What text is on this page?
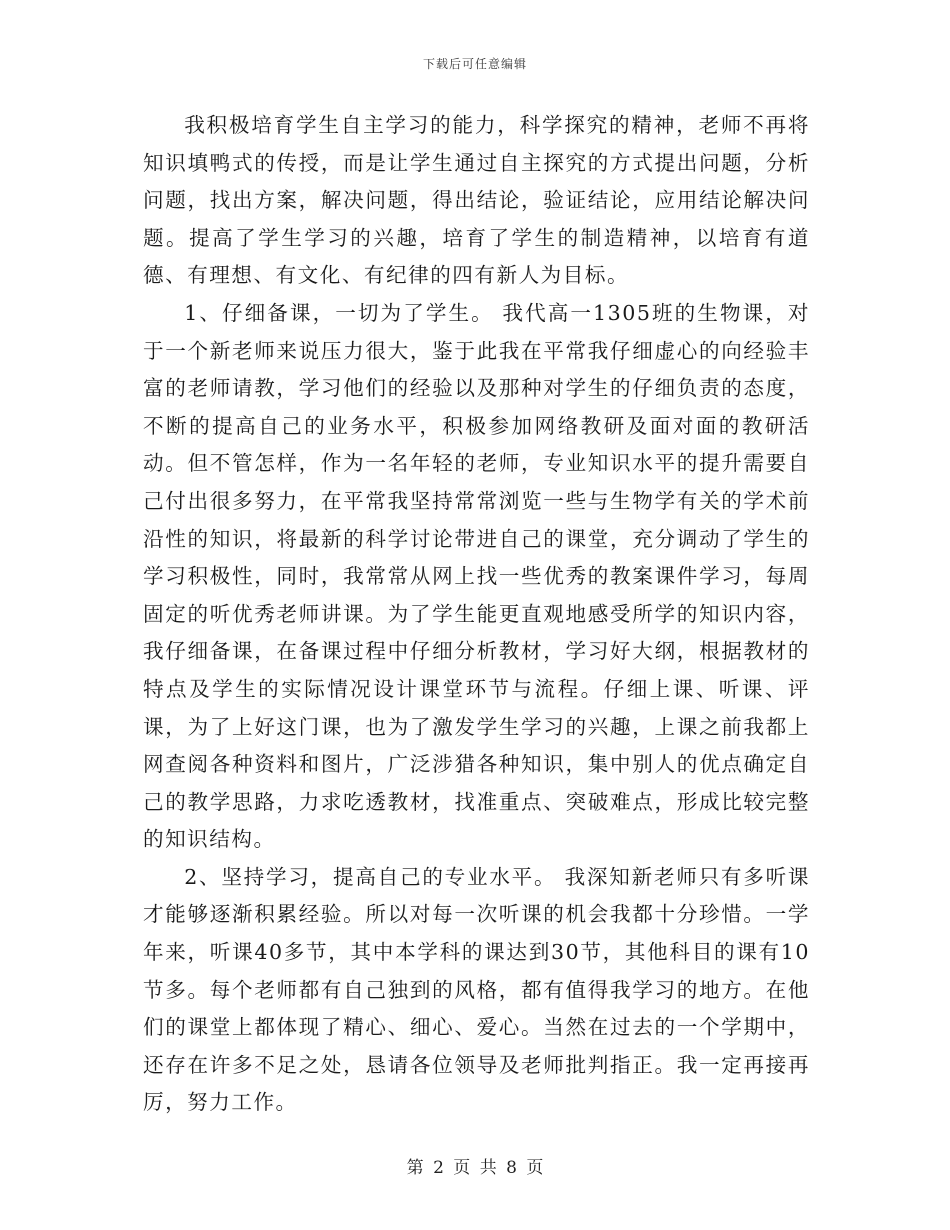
下载后可任意编辑

我积极培育学生自主学习的能力，科学探究的精神，老师不再将知识填鸭式的传授，而是让学生通过自主探究的方式提出问题，分析问题，找出方案，解决问题，得出结论，验证结论，应用结论解决问题。提高了学生学习的兴趣，培育了学生的制造精神，以培育有道德、有理想、有文化、有纪律的四有新人为目标。

1、仔细备课，一切为了学生。 我代高一1305班的生物课，对于一个新老师来说压力很大，鉴于此我在平常我仔细虚心的向经验丰富的老师请教，学习他们的经验以及那种对学生的仔细负责的态度，不断的提高自己的业务水平，积极参加网络教研及面对面的教研活动。但不管怎样，作为一名年轻的老师，专业知识水平的提升需要自己付出很多努力，在平常我坚持常常浏览一些与生物学有关的学术前沿性的知识，将最新的科学讨论带进自己的课堂，充分调动了学生的学习积极性，同时，我常常从网上找一些优秀的教案课件学习，每周固定的听优秀老师讲课。为了学生能更直观地感受所学的知识内容，我仔细备课，在备课过程中仔细分析教材，学习好大纲，根据教材的特点及学生的实际情况设计课堂环节与流程。仔细上课、听课、评课，为了上好这门课，也为了激发学生学习的兴趣，上课之前我都上网查阅各种资料和图片，广泛涉猎各种知识，集中别人的优点确定自己的教学思路，力求吃透教材，找准重点、突破难点，形成比较完整的知识结构。

2、坚持学习，提高自己的专业水平。 我深知新老师只有多听课才能够逐渐积累经验。所以对每一次听课的机会我都十分珍惜。一学年来，听课40多节，其中本学科的课达到30节，其他科目的课有10节多。每个老师都有自己独到的风格，都有值得我学习的地方。在他们的课堂上都体现了精心、细心、爱心。当然在过去的一个学期中，还存在许多不足之处，恳请各位领导及老师批判指正。我一定再接再厉，努力工作。

第 2 页 共 8 页
